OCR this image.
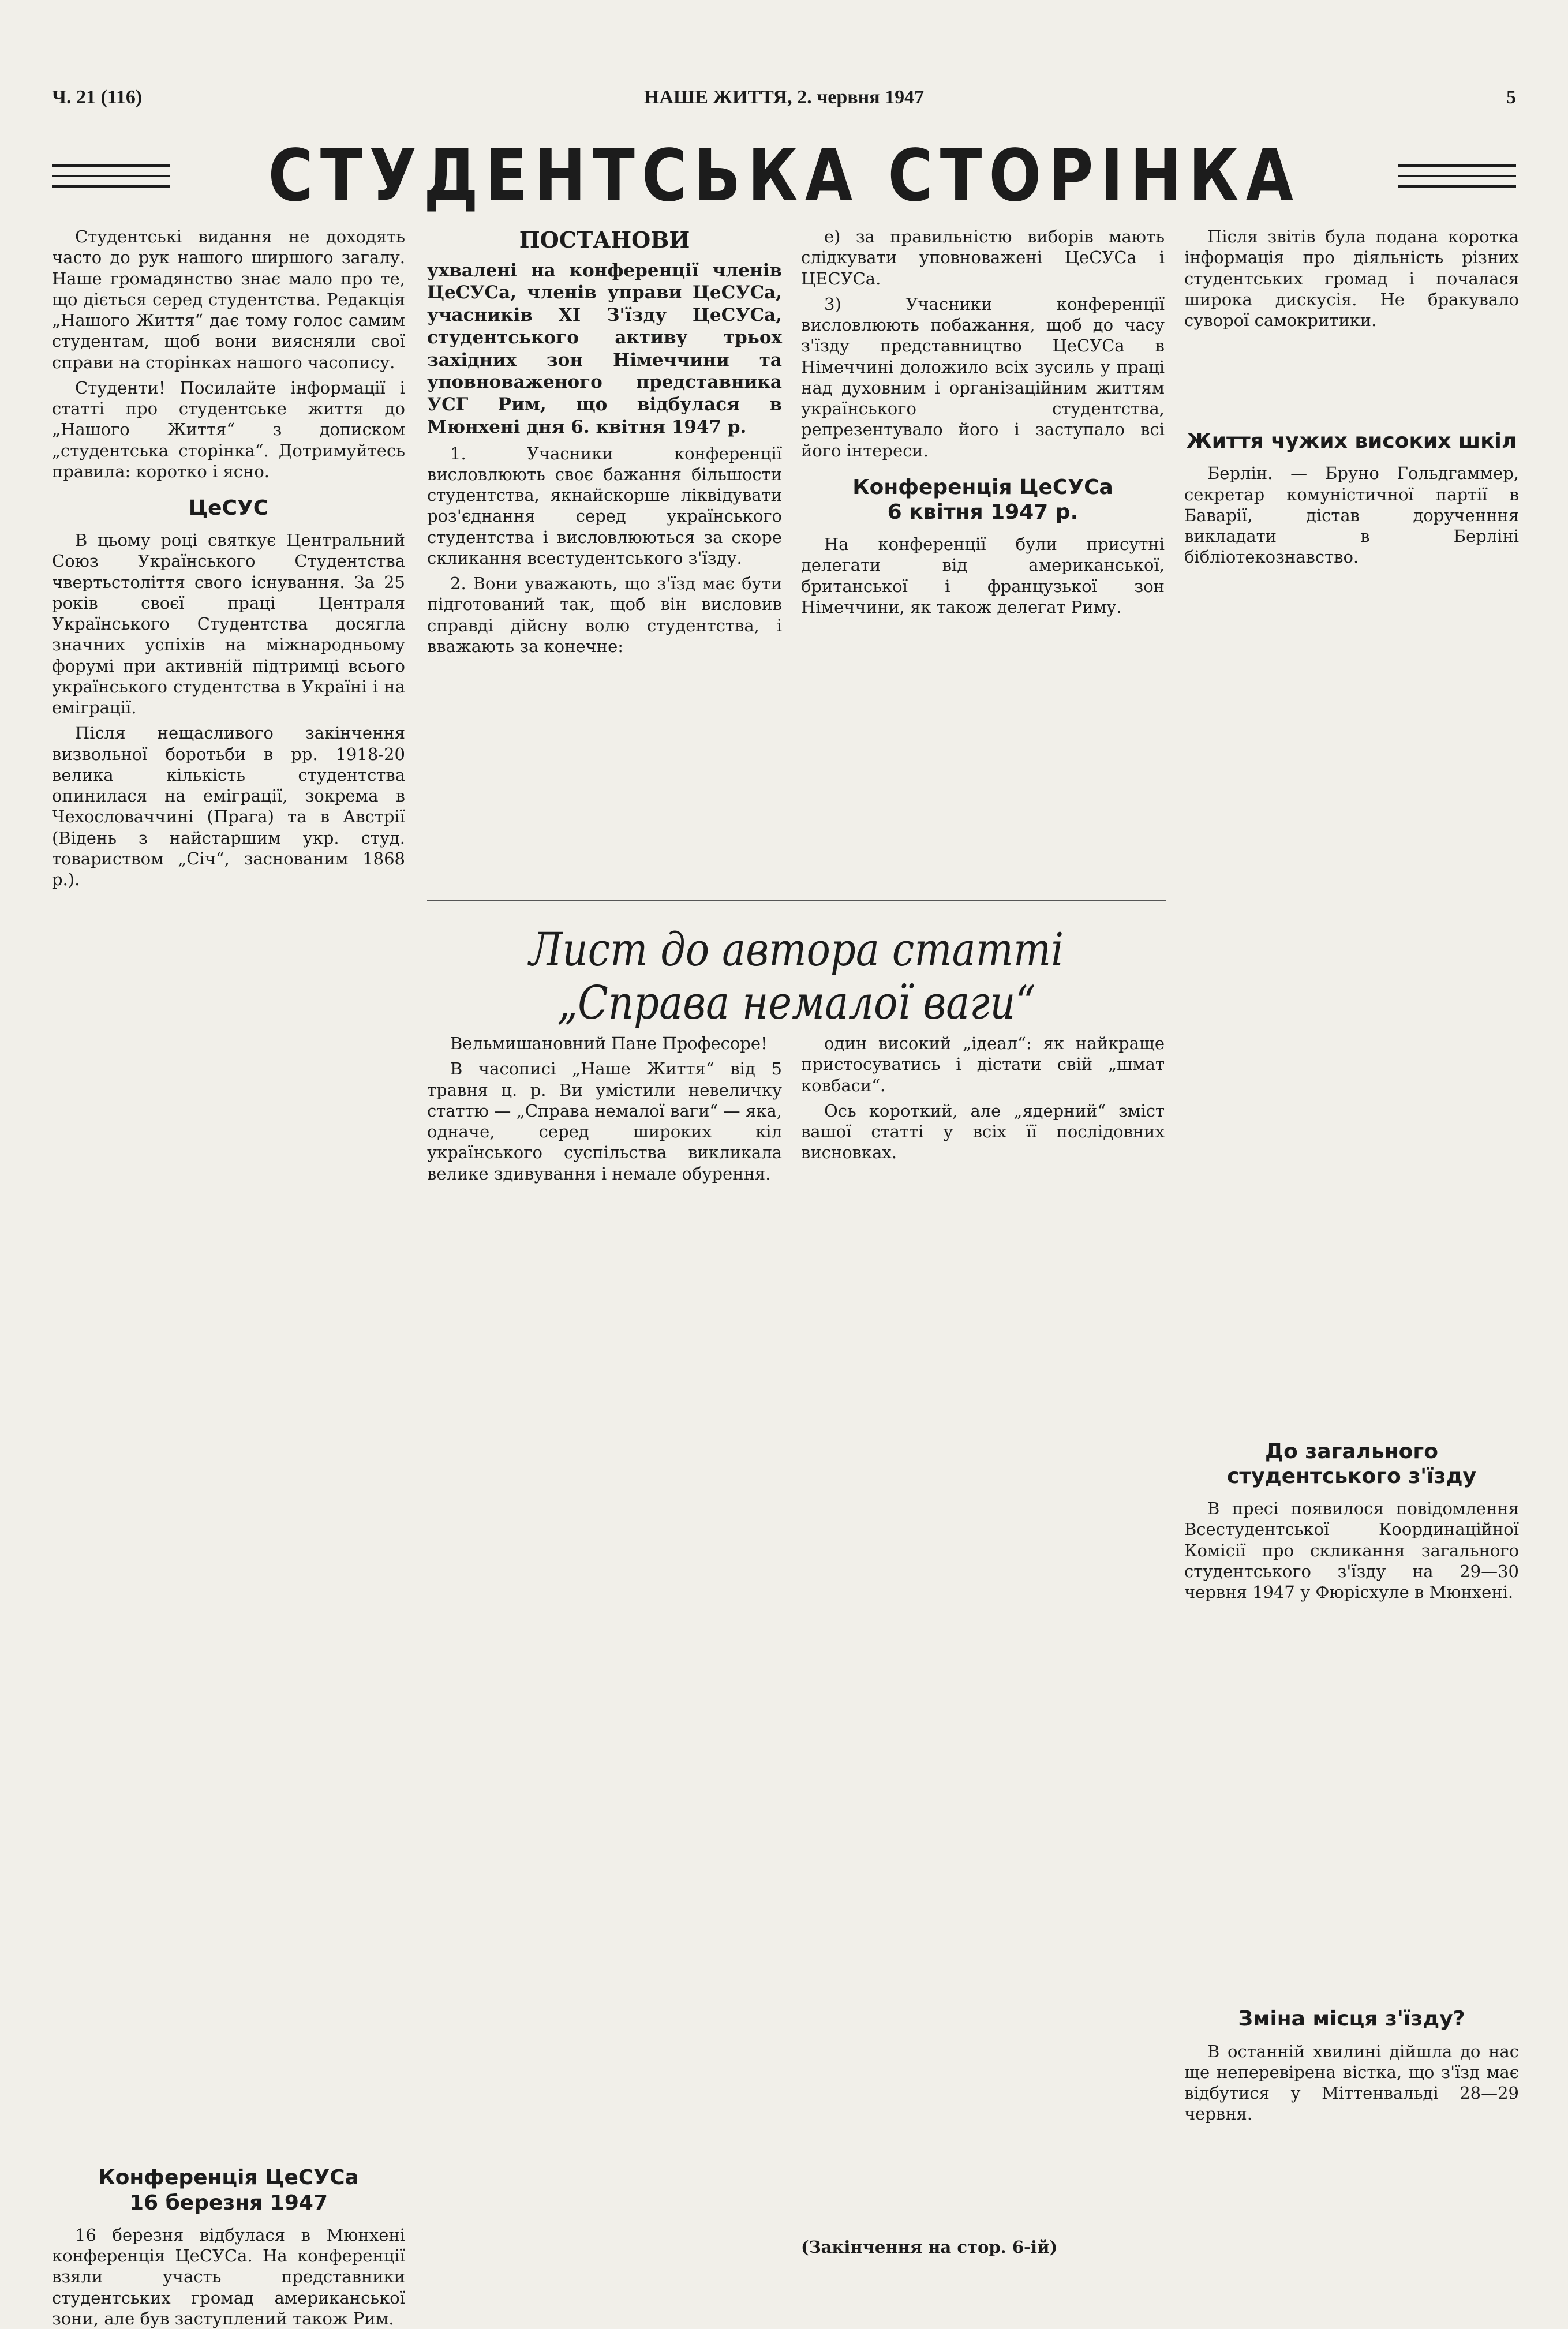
Ч. 21 (116)	НАШЕ ЖИТТЯ, 2. червня 1947	5
СТУДЕНТСЬКА СТОРІНКА

Студентські видання не доходять часто до рук нашого ширшого загалу. Наше громадянство знає мало про те, що діється серед студентства. Редакція „Нашого Життя“ дає тому голос самим студентам, щоб вони виясняли свої справи на сторінках нашого часопису.

Студенти! Посилайте інформації і статті про студентське життя до „Нашого Життя“ з дописком „студентська сторінка“. Дотримуйтесь правила: коротко і ясно.

ЦеСУС

В цьому році святкує Центральний Союз Українського Студентства чвертьстоліття свого існування. За 25 років своєї праці Централя Українського Студентства досягла значних успіхів на міжнародньому форумі при активній підтримці всього українського студентства в Україні і на еміграції.

Після нещасливого закінчення визвольної боротьби в рр. 1918-20 велика кількість студентства опинилася на еміграції, зокрема в Чехословаччині (Прага) та в Австрії (Відень з найстаршим укр. студ. товариством „Січ“, заснованим 1868 р.).

Конференція ЦеСУСа
16 березня 1947

16 березня відбулася в Мюнхені конференція ЦеСУСа. На конференції взяли участь представники студентських громад американської зони, але був заступлений також Рим.

ПОСТАНОВИ

ухвалені на конференції членів ЦеСУСа, членів управи ЦеСУСа, учасників XI З'їзду ЦеСУСа, студентського активу трьох західних зон Німеччини та уповноваженого представника УСГ Рим, що відбулася в Мюнхені дня 6. квітня 1947 р.

1. Учасники конференції висловлюють своє бажання більшости студентства, якнайскорше ліквідувати роз'єднання серед українського студентства і висловлюються за скоре скликання всестудентського з'їзду.

2. Вони уважають, що з'їзд має бути підготований так, щоб він висловив справді дійсну волю студентства, і вважають за конечне:

е) за правильністю виборів мають слідкувати уповноважені ЦеСУСа і ЦЕСУСа.

3) Учасники конференції висловлюють побажання, щоб до часу з'їзду представництво ЦеСУСа в Німеччині доложило всіх зусиль у праці над духовним і організаційним життям українського студентства, репрезентувало його і заступало всі його інтереси.

Конференція ЦеСУСа
6 квітня 1947 р.

На конференції були присутні делегати від американської, британської і французької зон Німеччини, як також делегат Риму.

Лист до автора статті
„Справа немалої ваги“

Вельмишановний Пане Професоре!

В часописі „Наше Життя“ від 5 травня ц. р. Ви умістили невеличку статтю — „Справа немалої ваги“ — яка, одначе, серед широких кіл українського суспільства викликала велике здивування і немале обурення.

один високий „ідеал“: як найкраще пристосуватись і дістати свій „шмат ковбаси“.

Ось короткий, але „ядерний“ зміст вашої статті у всіх її послідовних висновках.

(Закінчення на стор. 6-ій)

Після звітів була подана коротка інформація про діяльність різних студентських громад і почалася широка дискусія. Не бракувало суворої самокритики.

Життя чужих високих шкіл

Берлін. — Бруно Гольдгаммер, секретар комуністичної партії в Баварії, дістав дорученння викладати в Берліні бібліотекознавство.

До загального студентського з'їзду

В пресі появилося повідомлення Всестудентської Координаційної Комісії про скликання загального студентського з'їзду на 29—30 червня 1947 у Фюрісхуле в Мюнхені.

Зміна місця з'їзду?

В останній хвилині дійшла до нас ще неперевірена вістка, що з'їзд має відбутися у Міттенвальді 28—29 червня.
